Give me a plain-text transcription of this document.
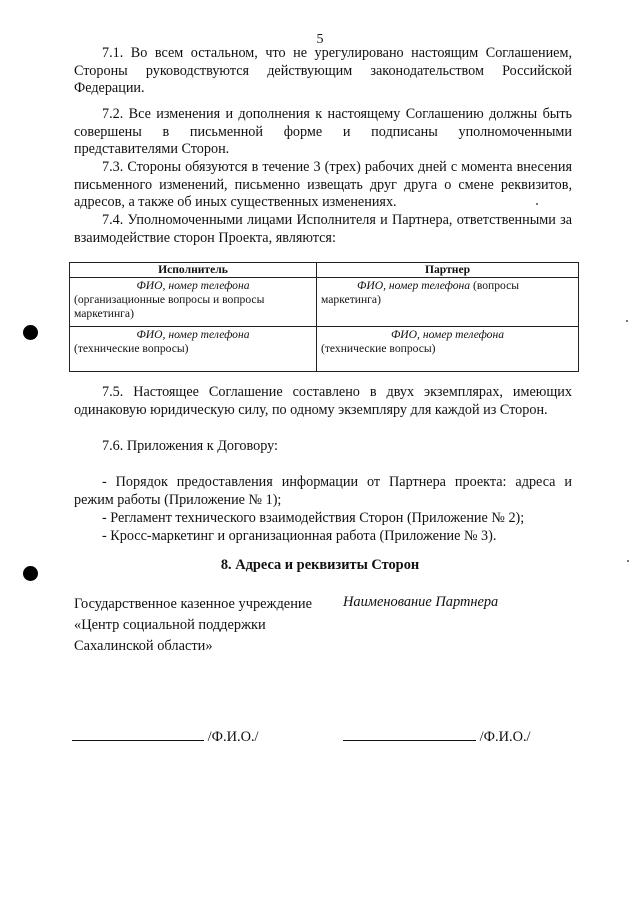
5

7.1. Во всем остальном, что не урегулировано настоящим Соглашением, Стороны руководствуются действующим законодательством Российской Федерации.

7.2. Все изменения и дополнения к настоящему Соглашению должны быть совершены в письменной форме и подписаны уполномоченными представителями Сторон.

7.3. Стороны обязуются в течение 3 (трех) рабочих дней с момента внесения письменного изменений, письменно извещать друг друга о смене реквизитов, адресов, а также об иных существенных изменениях.

7.4. Уполномоченными лицами Исполнителя и Партнера, ответственными за взаимодействие сторон Проекта, являются:

Исполнитель	Партнер

ФИО, номер телефона
(организационные вопросы и вопросы маркетинга)	ФИО, номер телефона (вопросы маркетинга)

ФИО, номер телефона
(технические вопросы)	ФИО, номер телефона
(технические вопросы)

7.5. Настоящее Соглашение составлено в двух экземплярах, имеющих одинаковую юридическую силу, по одному экземпляру для каждой из Сторон.

7.6. Приложения к Договору:

- Порядок предоставления информации от Партнера проекта: адреса и режим работы (Приложение № 1);

- Регламент технического взаимодействия Сторон (Приложение № 2);

- Кросс-маркетинг и организационная работа (Приложение № 3).

8. Адреса и реквизиты Сторон
Государственное казенное учреждение
«Центр социальной поддержки
Сахалинской области»
Наименование Партнера
/Ф.И.О./	/Ф.И.О./
